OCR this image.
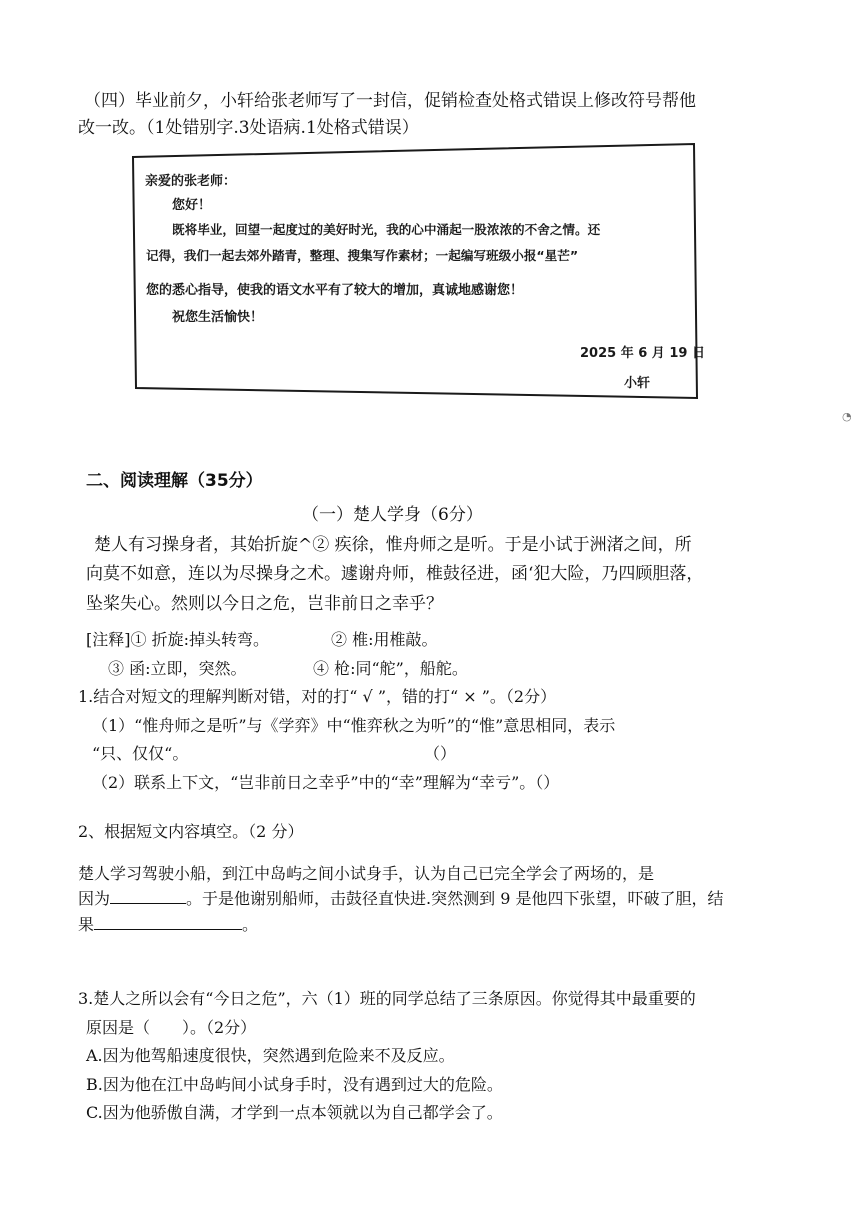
（四）毕业前夕，小轩给张老师写了一封信，促销检查处格式错误上修改符号帮他
改一改。（1处错别字.3处语病.1处格式错误）
亲爱的张老师：
您好！
既将毕业，回望一起度过的美好时光，我的心中涌起一股浓浓的不舍之情。还
记得，我们一起去郊外踏青，整理、搜集写作素材；一起编写班级小报“星芒”
您的悉心指导，使我的语文水平有了较大的增加，真诚地感谢您！
祝您生活愉快！
2025 年 6 月 19 日
小轩
◔
二、阅读理解（35分）
（一）楚人学身（6分）
楚人有习操身者，其始折旋^② 疾徐，惟舟师之是听。于是小试于洲渚之间，所
向莫不如意，连以为尽操身之术。遽谢舟师，椎鼓径进，函‘犯大险，乃四顾胆落，
坠桨失心。然则以今日之危，岂非前日之幸乎？
[注释]① 折旋:掉头转弯。	② 椎:用椎敲。
③ 函:立即，突然。	④ 枪:同“舵”，船舵。
1.结合对短文的理解判断对错，对的打“ √ ”，错的打“ × ”。（2分）
（1）“惟舟师之是听”与《学弈》中“惟弈秋之为听”的“惟”意思相同，表示
“只、仅仅“。	（）
（2）联系上下文，“岂非前日之幸乎”中的“幸”理解为“幸亏”。（）
2、根据短文内容填空。（2 分）
楚人学习驾驶小船，到江中岛屿之间小试身手，认为自己已完全学会了两场的，是
因为	。于是他谢别船师，击鼓径直快进.突然测到 9 是他四下张望，吓破了胆，结
果	。
3.楚人之所以会有“今日之危”，六（1）班的同学总结了三条原因。你觉得其中最重要的
原因是（　　）。（2分）
A.因为他驾船速度很快，突然遇到危险来不及反应。
B.因为他在江中岛屿间小试身手时，没有遇到过大的危险。
C.因为他骄傲自满，才学到一点本领就以为自己都学会了。
